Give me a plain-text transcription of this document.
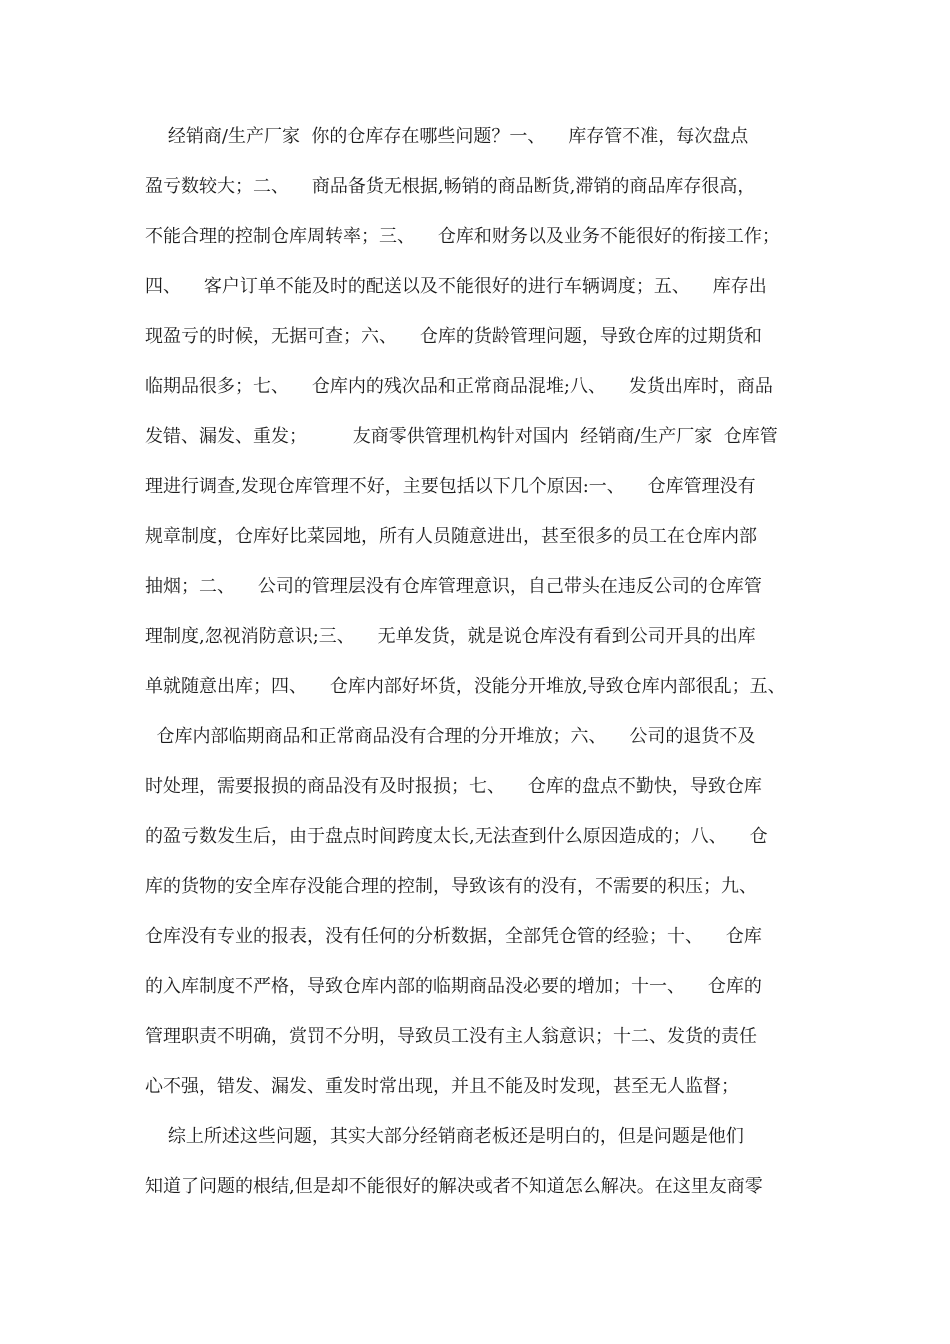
经销商/生产厂家  你的仓库存在哪些问题？一、    库存管不准，每次盘点
盈亏数较大；二、    商品备货无根据,畅销的商品断货,滞销的商品库存很高，
不能合理的控制仓库周转率；三、    仓库和财务以及业务不能很好的衔接工作；
四、    客户订单不能及时的配送以及不能很好的进行车辆调度；五、    库存出
现盈亏的时候，无据可查；六、    仓库的货龄管理问题，导致仓库的过期货和
临期品很多；七、    仓库内的残次品和正常商品混堆;八、    发货出库时，商品
发错、漏发、重发；        友商零供管理机构针对国内  经销商/生产厂家  仓库管
理进行调查,发现仓库管理不好，主要包括以下几个原因:一、    仓库管理没有
规章制度，仓库好比菜园地，所有人员随意进出，甚至很多的员工在仓库内部
抽烟；二、    公司的管理层没有仓库管理意识，自己带头在违反公司的仓库管
理制度,忽视消防意识;三、    无单发货，就是说仓库没有看到公司开具的出库
单就随意出库；四、    仓库内部好坏货，没能分开堆放,导致仓库内部很乱；五、
仓库内部临期商品和正常商品没有合理的分开堆放；六、    公司的退货不及
时处理，需要报损的商品没有及时报损；七、    仓库的盘点不勤快，导致仓库
的盈亏数发生后，由于盘点时间跨度太长,无法查到什么原因造成的；八、    仓
库的货物的安全库存没能合理的控制，导致该有的没有，不需要的积压；九、
仓库没有专业的报表，没有任何的分析数据，全部凭仓管的经验；十、    仓库
的入库制度不严格，导致仓库内部的临期商品没必要的增加；十一、    仓库的
管理职责不明确，赏罚不分明，导致员工没有主人翁意识；十二、发货的责任
心不强，错发、漏发、重发时常出现，并且不能及时发现，甚至无人监督；
综上所述这些问题，其实大部分经销商老板还是明白的，但是问题是他们
知道了问题的根结,但是却不能很好的解决或者不知道怎么解决。在这里友商零
